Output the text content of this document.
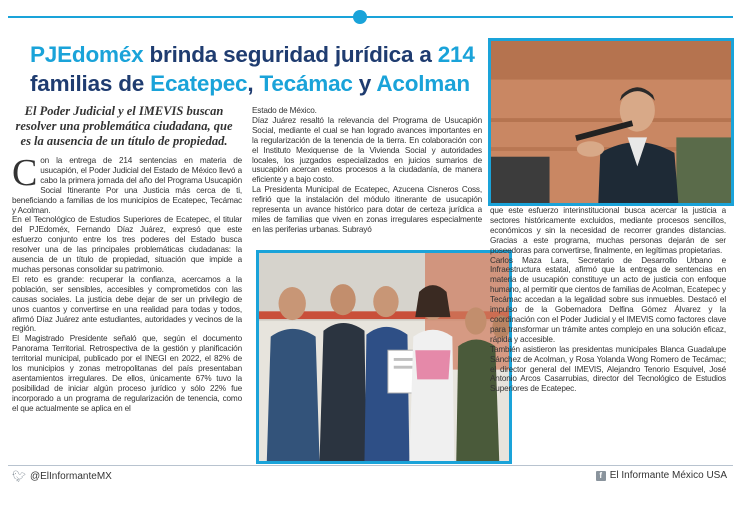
PJEdoméx brinda seguridad jurídica a 214
familias de Ecatepec, Tecámac y Acolman

El Poder Judicial y el IMEVIS buscan resolver una problemática ciudadana, que es la ausencia de un título de propiedad.

Con la entrega de 214 sentencias en materia de usucapión, el Poder Judicial del Estado de México llevó a cabo la primera jornada del año del Programa Usucapión Social Itinerante Por una Justicia más cerca de ti, beneficiando a familias de los municipios de Ecatepec, Tecámac y Acolman.
En el Tecnológico de Estudios Superiores de Ecatepec, el titular del PJEdoméx, Fernando Díaz Juárez, expresó que este esfuerzo conjunto entre los tres poderes del Estado busca resolver una de las principales problemáticas ciudadanas: la ausencia de un título de propiedad, situación que impide a muchas personas consolidar su patrimonio.
El reto es grande: recuperar la confianza, acercarnos a la población, ser sensibles, accesibles y comprometidos con las causas sociales. La justicia debe dejar de ser un privilegio de unos cuantos y convertirse en una realidad para todas y todos, afirmó Díaz Juárez ante estudiantes, autoridades y vecinos de la región.
El Magistrado Presidente señaló que, según el documento Panorama Territorial. Retrospectiva de la gestión y planificación territorial municipal, publicado por el INEGI en 2022, el 82% de los municipios y zonas metropolitanas del país presentaban asentamientos irregulares. De ellos, únicamente 67% tuvo la posibilidad de iniciar algún proceso jurídico y sólo 22% fue incorporado a un programa de regularización de tenencia, como el que actualmente se aplica en el
Estado de México.
Díaz Juárez resaltó la relevancia del Programa de Usucapión Social, mediante el cual se han logrado avances importantes en la regularización de la tenencia de la tierra. En colaboración con el Instituto Mexiquense de la Vivienda Social y autoridades locales, los juzgados especializados en juicios sumarios de usucapión acercan estos procesos a la ciudadanía, de manera eficiente y a bajo costo.
La Presidenta Municipal de Ecatepec, Azucena Cisneros Coss, refirió que la instalación del módulo itinerante de usucapión representa un avance histórico para dotar de certeza jurídica a miles de familias que viven en zonas irregulares especialmente en las periferias urbanas. Subrayó
que este esfuerzo interinstitucional busca acercar la justicia a sectores históricamente excluidos, mediante procesos sencillos, económicos y sin la necesidad de recorrer grandes distancias. Gracias a este programa, muchas personas dejarán de ser poseedoras para convertirse, finalmente, en legítimas propietarias.
Carlos Maza Lara, Secretario de Desarrollo Urbano e Infraestructura estatal, afirmó que la entrega de sentencias en materia de usucapión constituye un acto de justicia con enfoque humano, al permitir que cientos de familias de Acolman, Ecatepec y Tecámac accedan a la legalidad sobre sus inmuebles. Destacó el impulso de la Gobernadora Delfina Gómez Álvarez y la coordinación con el Poder Judicial y el IMEVIS como factores clave para transformar un trámite antes complejo en una solución eficaz, rápida y accesible.
También asistieron las presidentas municipales Blanca Guadalupe Sánchez de Acolman, y Rosa Yolanda Wong Romero de Tecámac; el director general del IMEVIS, Alejandro Tenorio Esquivel, José Antonio Arcos Casarrubias, director del Tecnológico de Estudios Superiores de Ecatepec.
🐦︎ @ElInformanteMX	f El Informante México USA
